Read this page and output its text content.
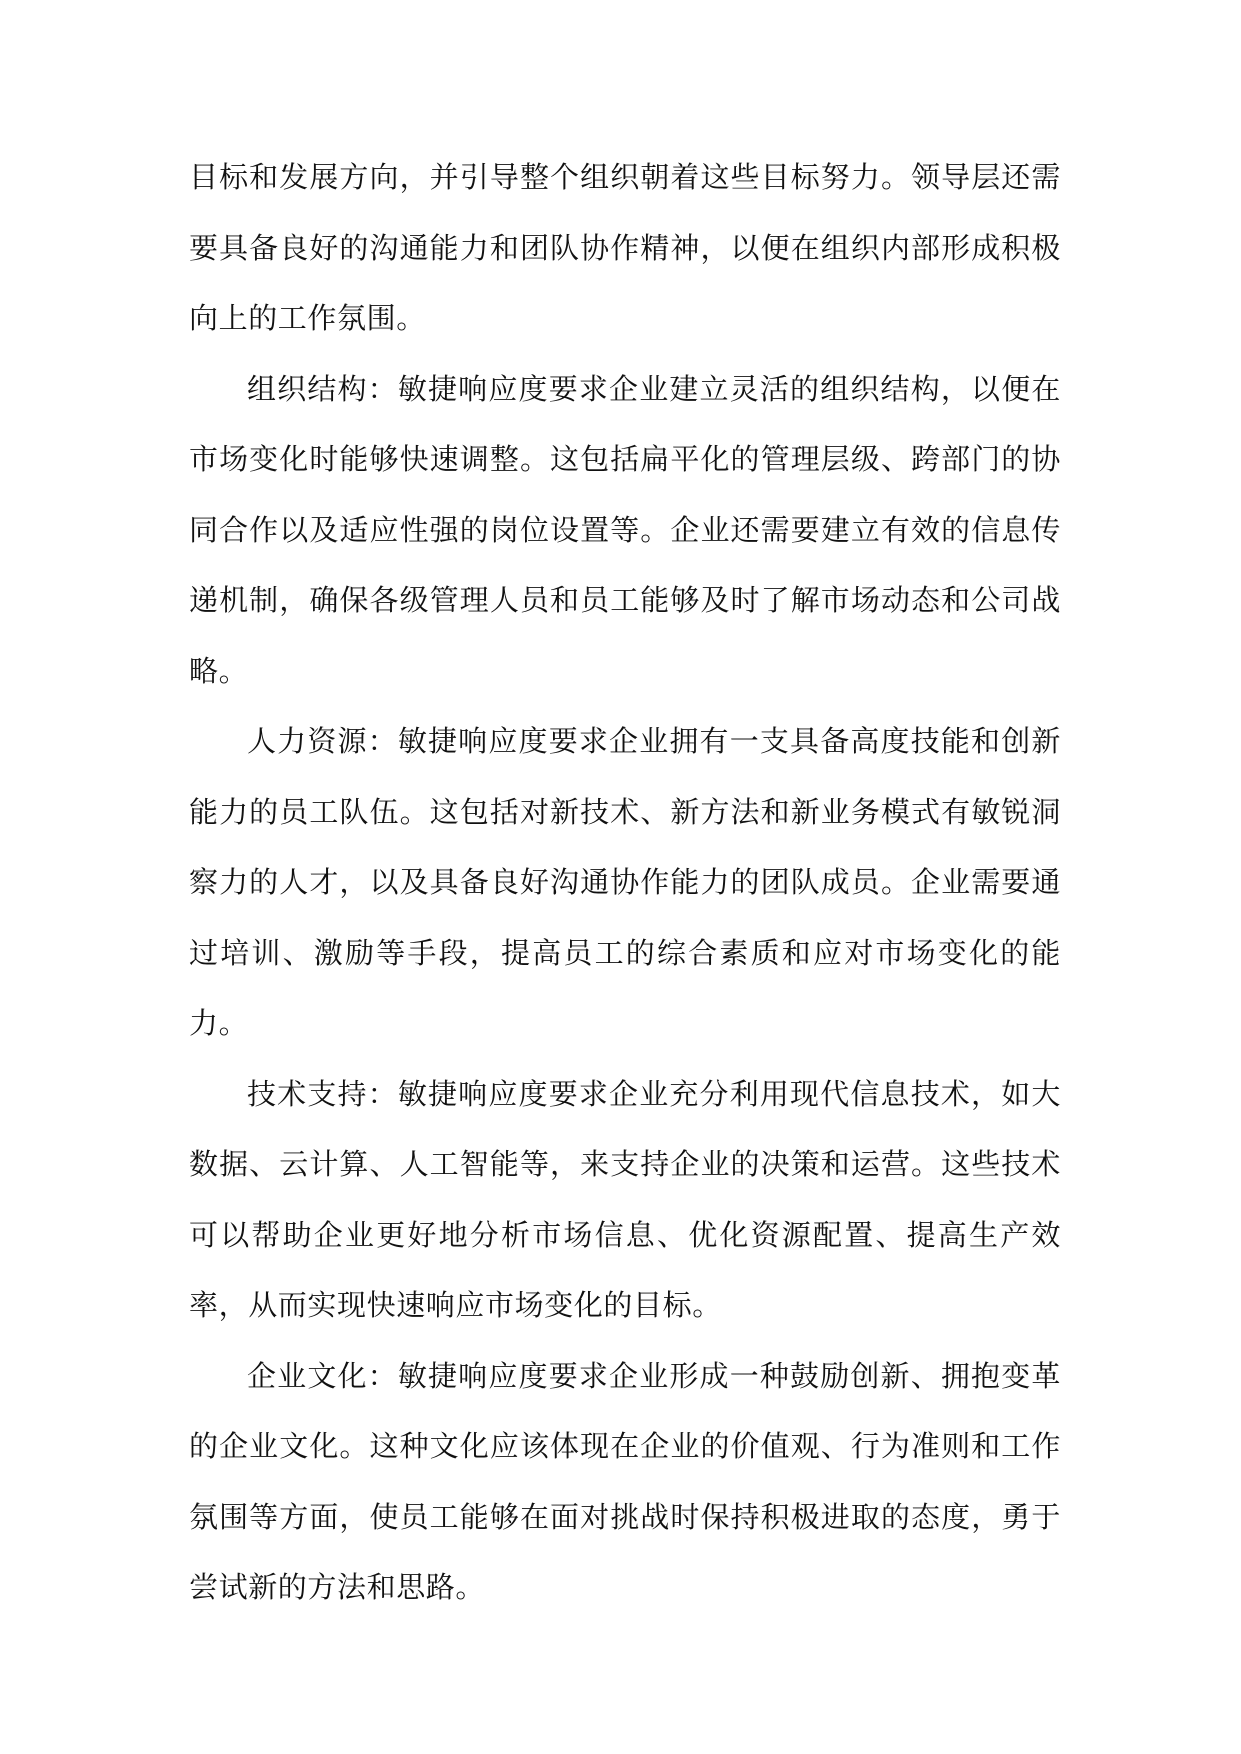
目标和发展方向，并引导整个组织朝着这些目标努力。领导层还需要具备良好的沟通能力和团队协作精神，以便在组织内部形成积极向上的工作氛围。

组织结构：敏捷响应度要求企业建立灵活的组织结构，以便在市场变化时能够快速调整。这包括扁平化的管理层级、跨部门的协同合作以及适应性强的岗位设置等。企业还需要建立有效的信息传递机制，确保各级管理人员和员工能够及时了解市场动态和公司战略。

人力资源：敏捷响应度要求企业拥有一支具备高度技能和创新能力的员工队伍。这包括对新技术、新方法和新业务模式有敏锐洞察力的人才，以及具备良好沟通协作能力的团队成员。企业需要通过培训、激励等手段，提高员工的综合素质和应对市场变化的能力。

技术支持：敏捷响应度要求企业充分利用现代信息技术，如大数据、云计算、人工智能等，来支持企业的决策和运营。这些技术可以帮助企业更好地分析市场信息、优化资源配置、提高生产效率，从而实现快速响应市场变化的目标。

企业文化：敏捷响应度要求企业形成一种鼓励创新、拥抱变革的企业文化。这种文化应该体现在企业的价值观、行为准则和工作氛围等方面，使员工能够在面对挑战时保持积极进取的态度，勇于尝试新的方法和思路。
